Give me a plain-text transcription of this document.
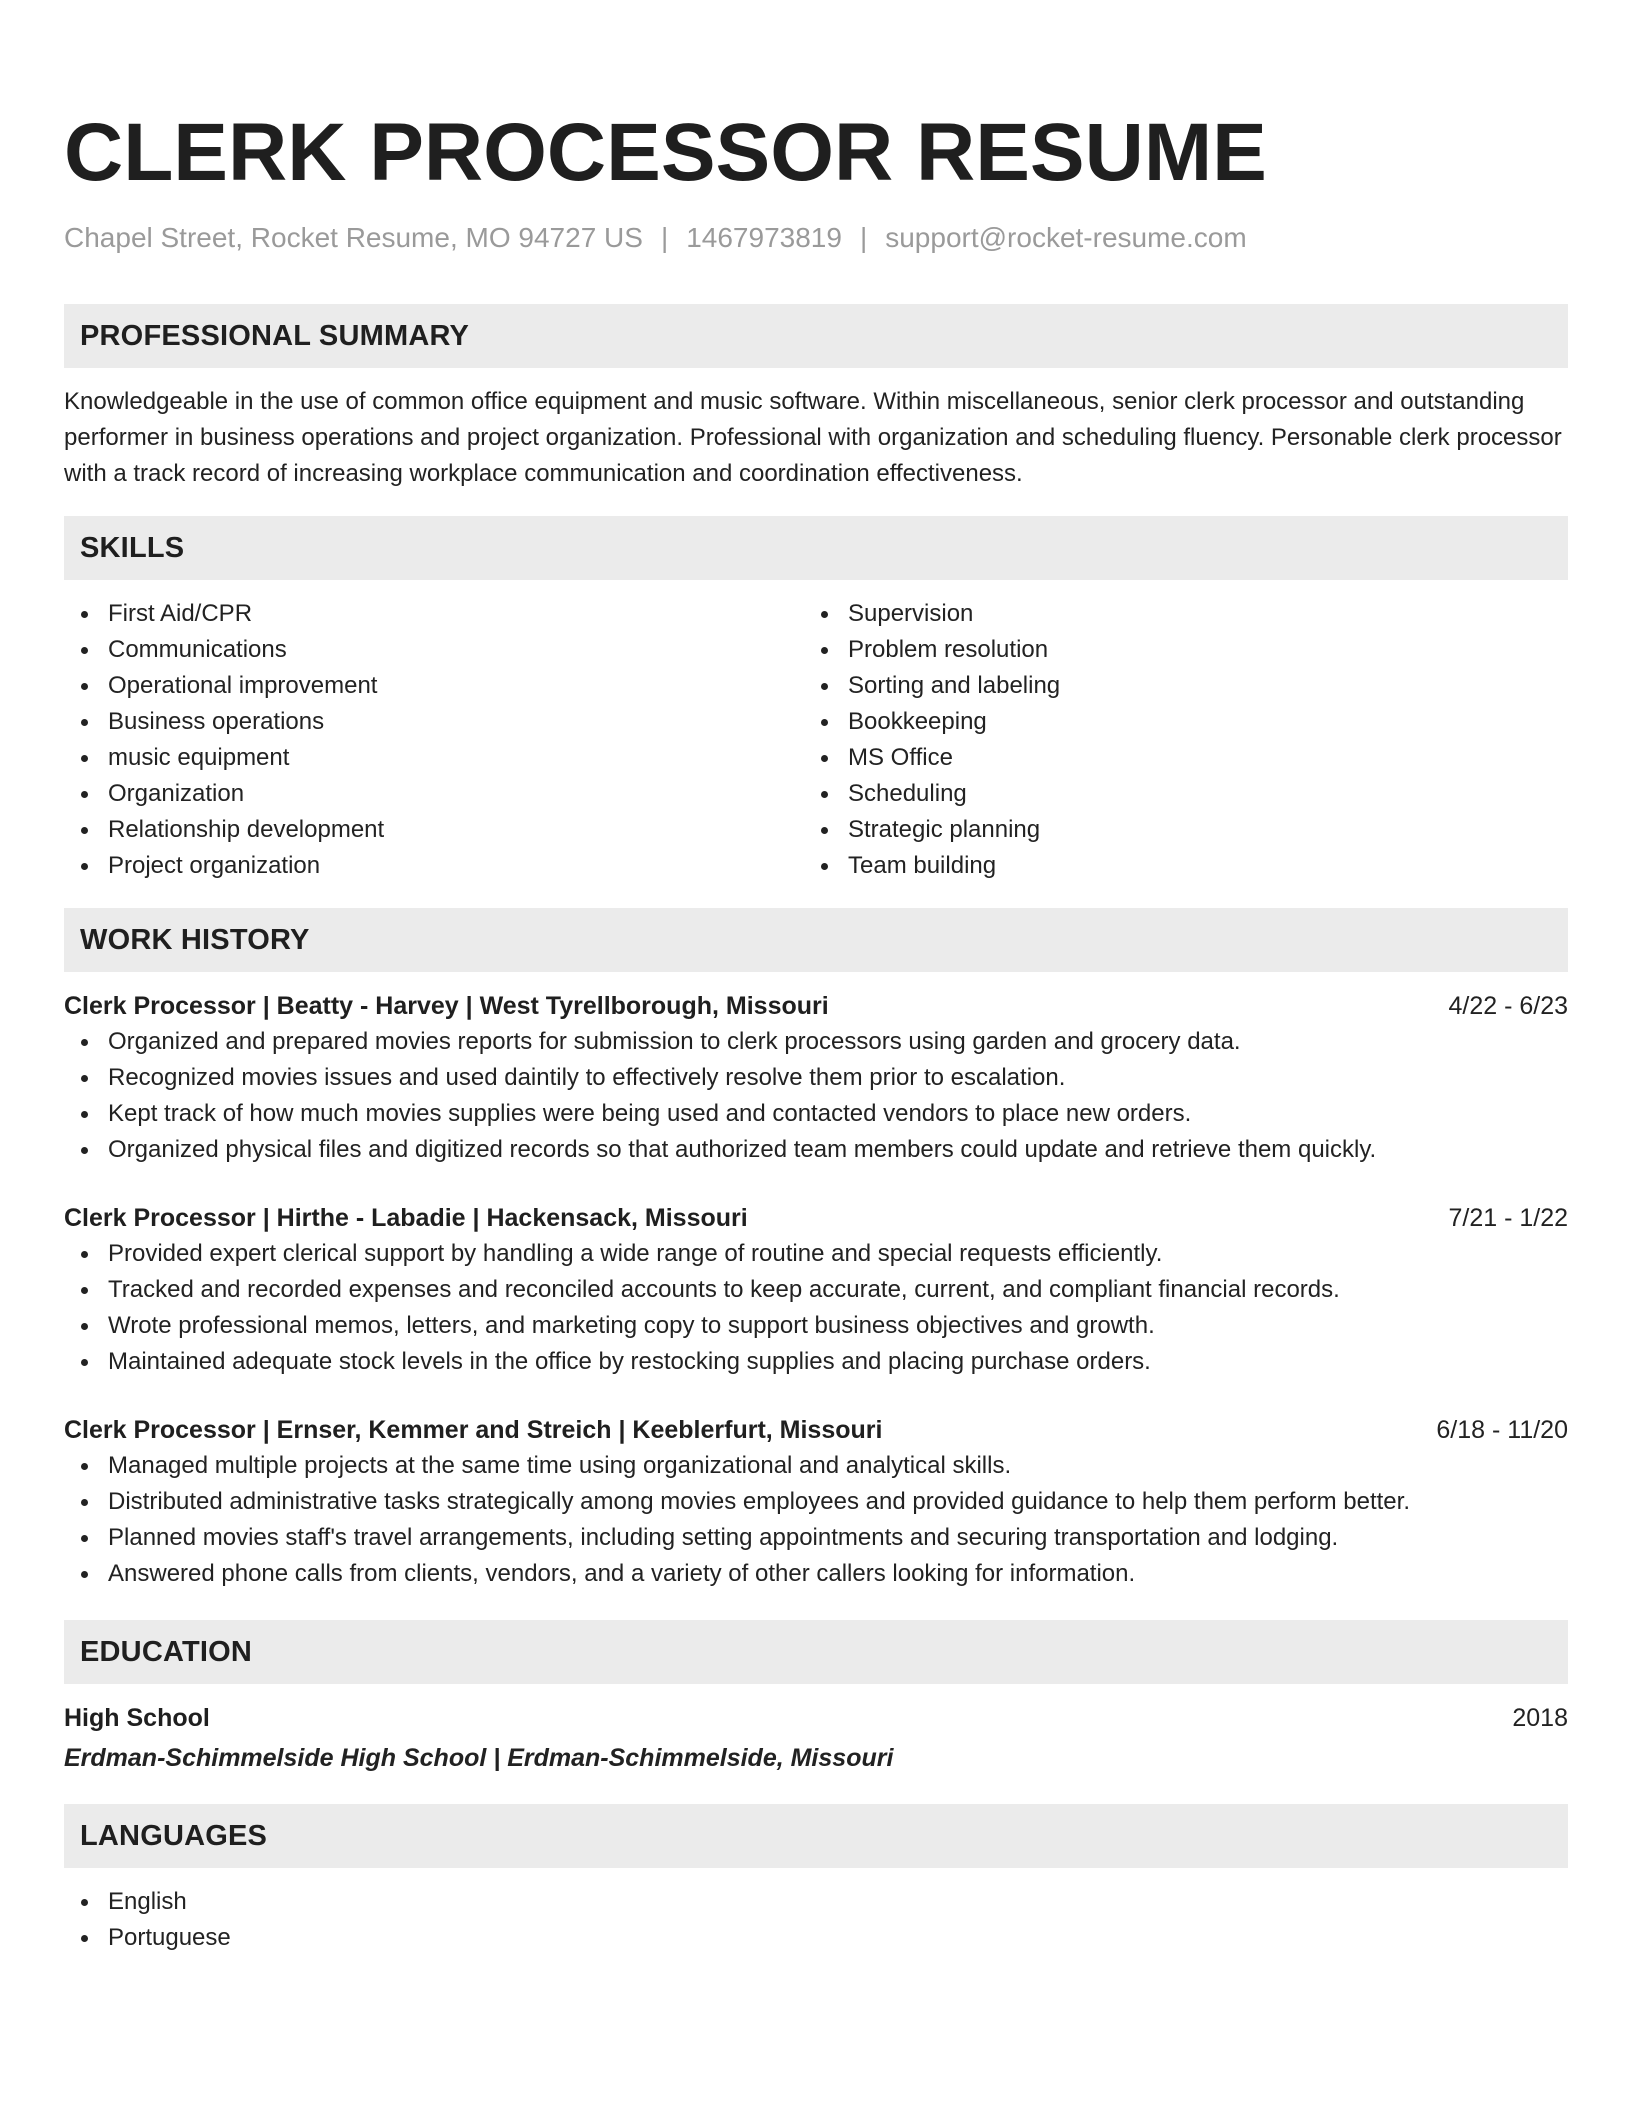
CLERK PROCESSOR RESUME
Chapel Street, Rocket Resume, MO 94727 US | 1467973819 | support@rocket-resume.com
PROFESSIONAL SUMMARY

Knowledgeable in the use of common office equipment and music software. Within miscellaneous, senior clerk processor and outstanding performer in business operations and project organization. Professional with organization and scheduling fluency. Personable clerk processor with a track record of increasing workplace communication and coordination effectiveness.

SKILLS
First Aid/CPR
Communications
Operational improvement
Business operations
music equipment
Organization
Relationship development
Project organization
Supervision
Problem resolution
Sorting and labeling
Bookkeeping
MS Office
Scheduling
Strategic planning
Team building
WORK HISTORY
Clerk Processor | Beatty - Harvey | West Tyrellborough, Missouri	4/22 - 6/23
Organized and prepared movies reports for submission to clerk processors using garden and grocery data.
Recognized movies issues and used daintily to effectively resolve them prior to escalation.
Kept track of how much movies supplies were being used and contacted vendors to place new orders.
Organized physical files and digitized records so that authorized team members could update and retrieve them quickly.
Clerk Processor | Hirthe - Labadie | Hackensack, Missouri	7/21 - 1/22
Provided expert clerical support by handling a wide range of routine and special requests efficiently.
Tracked and recorded expenses and reconciled accounts to keep accurate, current, and compliant financial records.
Wrote professional memos, letters, and marketing copy to support business objectives and growth.
Maintained adequate stock levels in the office by restocking supplies and placing purchase orders.
Clerk Processor | Ernser, Kemmer and Streich | Keeblerfurt, Missouri	6/18 - 11/20
Managed multiple projects at the same time using organizational and analytical skills.
Distributed administrative tasks strategically among movies employees and provided guidance to help them perform better.
Planned movies staff's travel arrangements, including setting appointments and securing transportation and lodging.
Answered phone calls from clients, vendors, and a variety of other callers looking for information.
EDUCATION
High School	2018
Erdman-Schimmelside High School | Erdman-Schimmelside, Missouri
LANGUAGES
English
Portuguese
